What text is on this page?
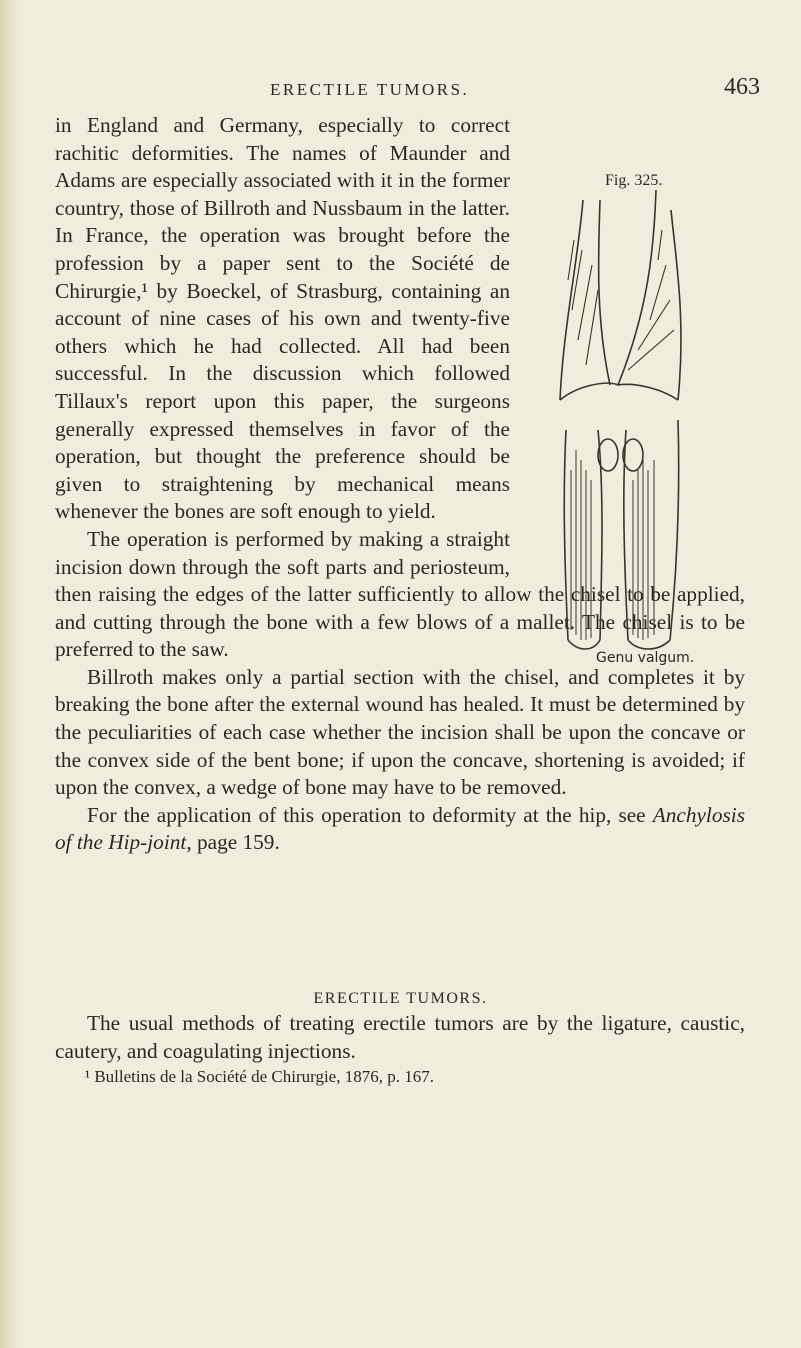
ERECTILE TUMORS.	463

in England and Germany, especially to correct rachitic deformities. The names of Maunder and Adams are especially associated with it in the former country, those of Billroth and Nussbaum in the latter. In France, the operation was brought before the profession by a paper sent to the Société de Chirurgie,¹ by Boeckel, of Strasburg, containing an account of nine cases of his own and twenty-five others which he had collected. All had been successful. In the discussion which followed Tillaux's report upon this paper, the surgeons generally expressed themselves in favor of the operation, but thought the preference should be given to straightening by mechanical means whenever the bones are soft enough to yield.

The operation is performed by making a straight incision down through the soft parts and periosteum, then raising the edges of the latter sufficiently to allow the chisel to be applied, and cutting through the bone with a few blows of a mallet. The chisel is to be preferred to the saw.

Billroth makes only a partial section with the chisel, and completes it by breaking the bone after the external wound has healed. It must be determined by the peculiarities of each case whether the incision shall be upon the concave or the convex side of the bent bone; if upon the concave, shortening is avoided; if upon the convex, a wedge of bone may have to be removed.

For the application of this operation to deformity at the hip, see Anchylosis of the Hip-joint, page 159.

Fig. 325.
Genu valgum.
ERECTILE TUMORS.

The usual methods of treating erectile tumors are by the ligature, caustic, cautery, and coagulating injections.

¹ Bulletins de la Société de Chirurgie, 1876, p. 167.
